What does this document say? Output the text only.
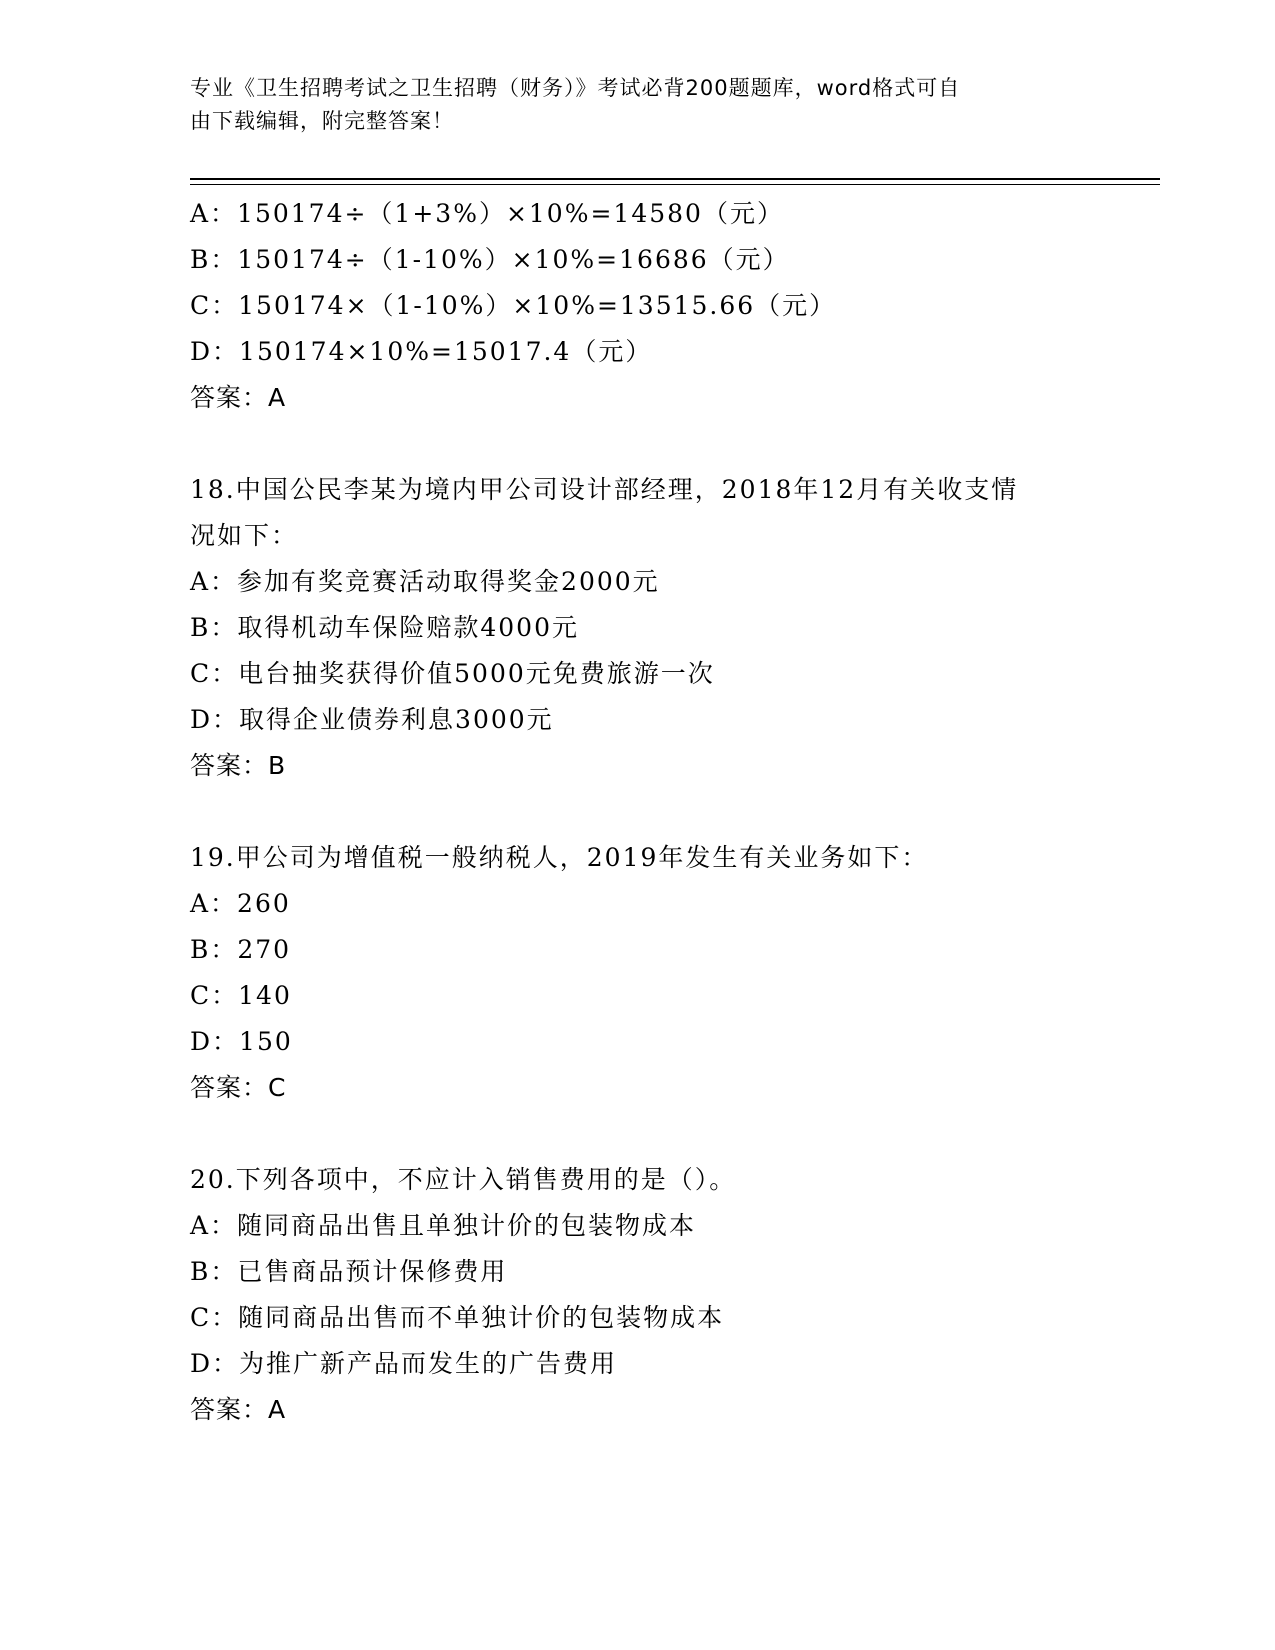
专业《卫生招聘考试之卫生招聘（财务）》考试必背200题题库，word格式可自
由下载编辑，附完整答案！
A：150174÷（1+3%）×10%=14580（元）
B：150174÷（1-10%）×10%=16686（元）
C：150174×（1-10%）×10%=13515.66（元）
D：150174×10%=15017.4（元）
答案：A
18.中国公民李某为境内甲公司设计部经理，2018年12月有关收支情
况如下：
A：参加有奖竞赛活动取得奖金2000元
B：取得机动车保险赔款4000元
C：电台抽奖获得价值5000元免费旅游一次
D：取得企业债券利息3000元
答案：B
19.甲公司为增值税一般纳税人，2019年发生有关业务如下：
A：260
B：270
C：140
D：150
答案：C
20.下列各项中，不应计入销售费用的是（）。
A：随同商品出售且单独计价的包装物成本
B：已售商品预计保修费用
C：随同商品出售而不单独计价的包装物成本
D：为推广新产品而发生的广告费用
答案：A
